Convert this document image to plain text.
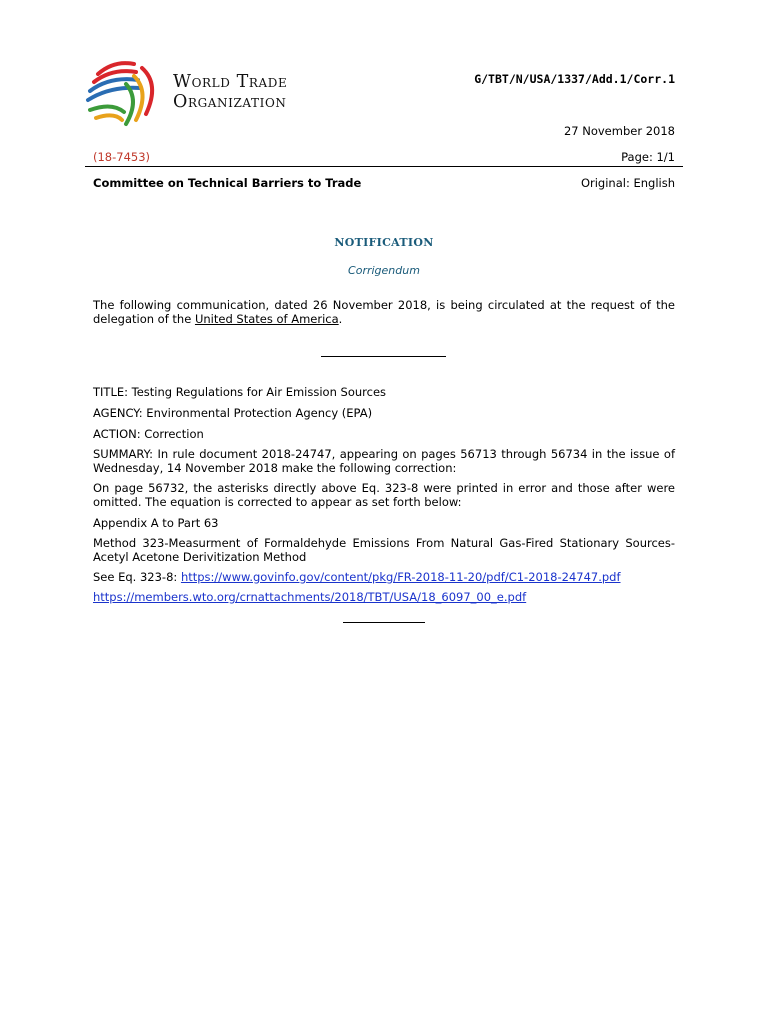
World Trade
Organization
G/TBT/N/USA/1337/Add.1/Corr.1
27 November 2018
(18-7453)	Page: 1/1
Committee on Technical Barriers to Trade	Original: English
NOTIFICATION
Corrigendum
The following communication, dated 26 November 2018, is being circulated at the request of the delegation of the United States of America.
TITLE: Testing Regulations for Air Emission Sources
AGENCY: Environmental Protection Agency (EPA)
ACTION: Correction
SUMMARY: In rule document 2018-24747, appearing on pages 56713 through 56734 in the issue of Wednesday, 14 November 2018 make the following correction:
On page 56732, the asterisks directly above Eq. 323-8 were printed in error and those after were omitted. The equation is corrected to appear as set forth below:
Appendix A to Part 63
Method 323-Measurment of Formaldehyde Emissions From Natural Gas-Fired Stationary Sources-Acetyl Acetone Derivitization Method
See Eq. 323-8: https://www.govinfo.gov/content/pkg/FR-2018-11-20/pdf/C1-2018-24747.pdf
https://members.wto.org/crnattachments/2018/TBT/USA/18_6097_00_e.pdf
